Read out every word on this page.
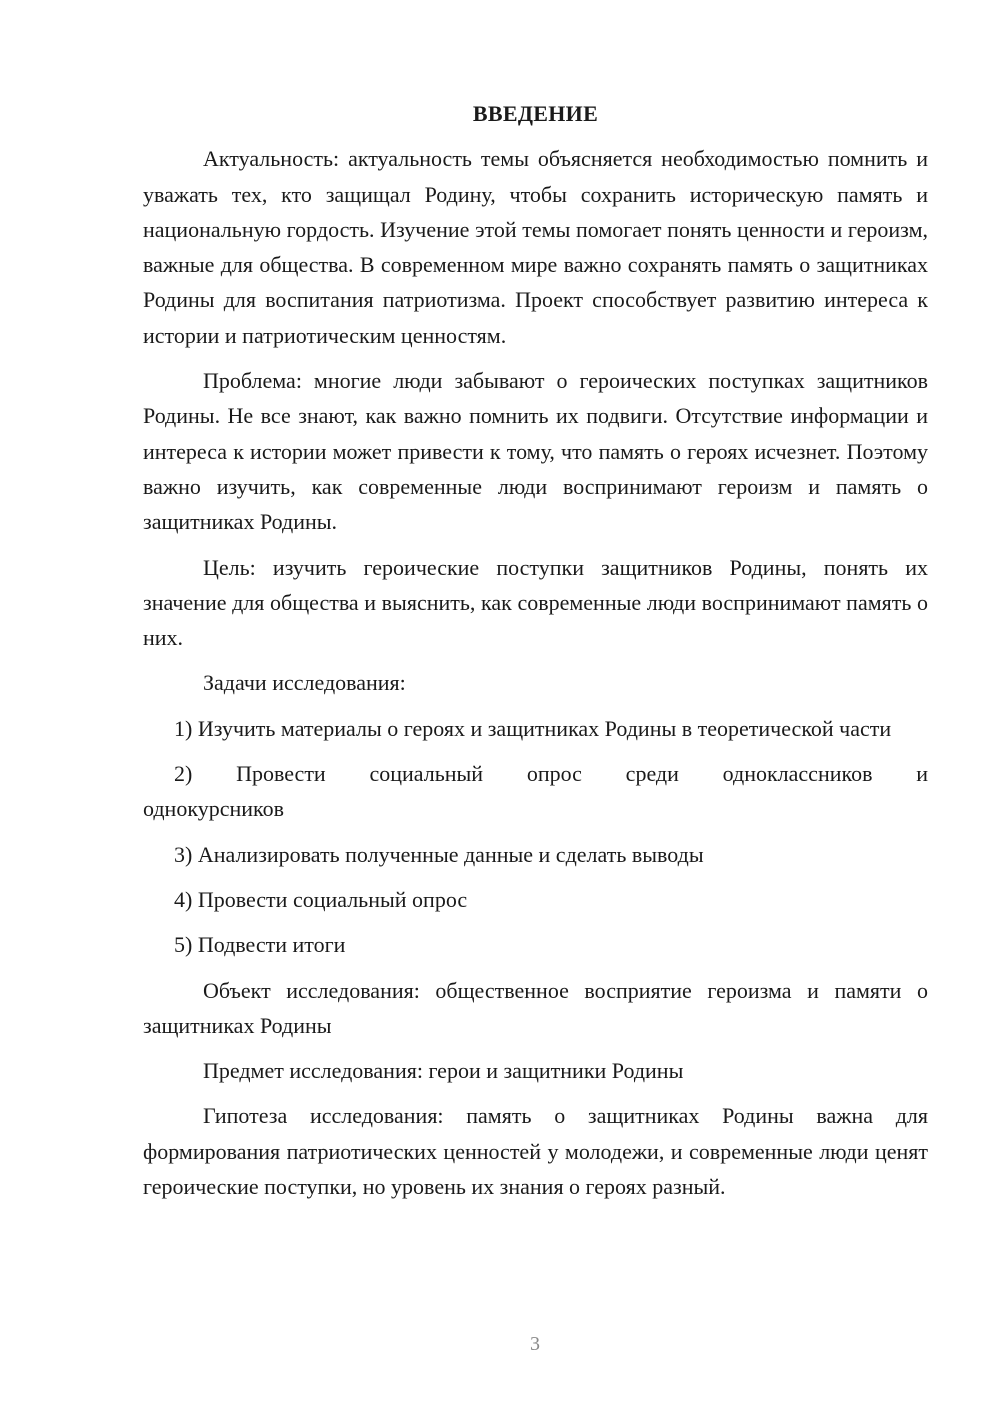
ВВЕДЕНИЕ

Актуальность: актуальность темы объясняется необходимостью помнить и уважать тех, кто защищал Родину, чтобы сохранить историческую память и национальную гордость. Изучение этой темы помогает понять ценности и героизм, важные для общества. В современном мире важно сохранять память о защитниках Родины для воспитания патриотизма. Проект способствует развитию интереса к истории и патриотическим ценностям.

Проблема: многие люди забывают о героических поступках защитников Родины. Не все знают, как важно помнить их подвиги. Отсутствие информации и интереса к истории может привести к тому, что память о героях исчезнет. Поэтому важно изучить, как современные люди воспринимают героизм и память о защитниках Родины.

Цель: изучить героические поступки защитников Родины, понять их значение для общества и выяснить, как современные люди воспринимают память о них.

Задачи исследования:

1) Изучить материалы о героях и защитниках Родины в теоретической части

2) Провести социальный опрос среди одноклассников и
однокурсников

3) Анализировать полученные данные и сделать выводы

4) Провести социальный опрос

5) Подвести итоги

Объект исследования: общественное восприятие героизма и памяти о защитниках Родины

Предмет исследования: герои и защитники Родины

Гипотеза исследования: память о защитниках Родины важна для формирования патриотических ценностей у молодежи, и современные люди ценят героические поступки, но уровень их знания о героях разный.

3
